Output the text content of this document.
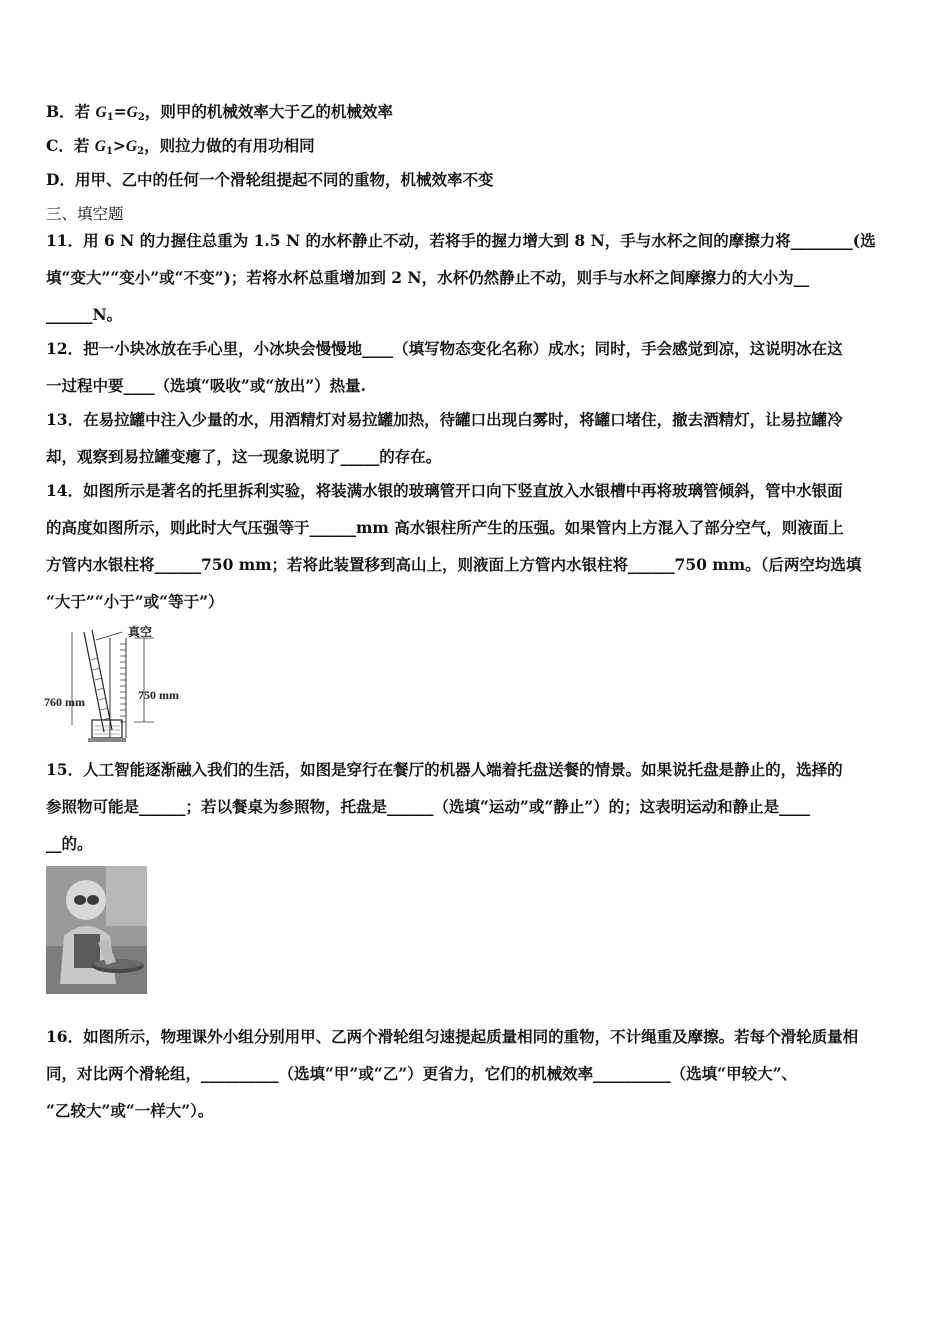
B．若 $G_1=G_2$，则甲的机械效率大于乙的机械效率
C．若 $G_1>G_2$，则拉力做的有用功相同
D．用甲、乙中的任何一个滑轮组提起不同的重物，机械效率不变
三、填空题
11．用 6 N 的力握住总重为 1.5 N 的水杯静止不动，若将手的握力增大到 8 N，手与水杯之间的摩擦力将________(选
填“变大”“变小”或“不变”)；若将水杯总重增加到 2 N，水杯仍然静止不动，则手与水杯之间摩擦力的大小为__
______N。
12．把一小块冰放在手心里，小冰块会慢慢地____（填写物态变化名称）成水；同时，手会感觉到凉，这说明冰在这
一过程中要____（选填“吸收”或“放出”）热量.
13．在易拉罐中注入少量的水，用酒精灯对易拉罐加热，待罐口出现白雾时，将罐口堵住，撤去酒精灯，让易拉罐冷
却，观察到易拉罐变瘪了，这一现象说明了_____的存在。
14．如图所示是著名的托里拆利实验，将装满水银的玻璃管开口向下竖直放入水银槽中再将玻璃管倾斜，管中水银面
的高度如图所示，则此时大气压强等于______mm 高水银柱所产生的压强。如果管内上方混入了部分空气，则液面上
方管内水银柱将______750 mm；若将此装置移到高山上，则液面上方管内水银柱将______750 mm。（后两空均选填
“大于”“小于”或“等于”）
真空
750 mm
760 mm
15．人工智能逐渐融入我们的生活，如图是穿行在餐厅的机器人端着托盘送餐的情景。如果说托盘是静止的，选择的
参照物可能是______；若以餐桌为参照物，托盘是______（选填“运动”或“静止”）的；这表明运动和静止是____
__的。
16．如图所示，物理课外小组分别用甲、乙两个滑轮组匀速提起质量相同的重物，不计绳重及摩擦。若每个滑轮质量相
同，对比两个滑轮组，__________（选填“甲”或“乙”）更省力，它们的机械效率__________（选填“甲较大”、
“乙较大”或“一样大”）。
